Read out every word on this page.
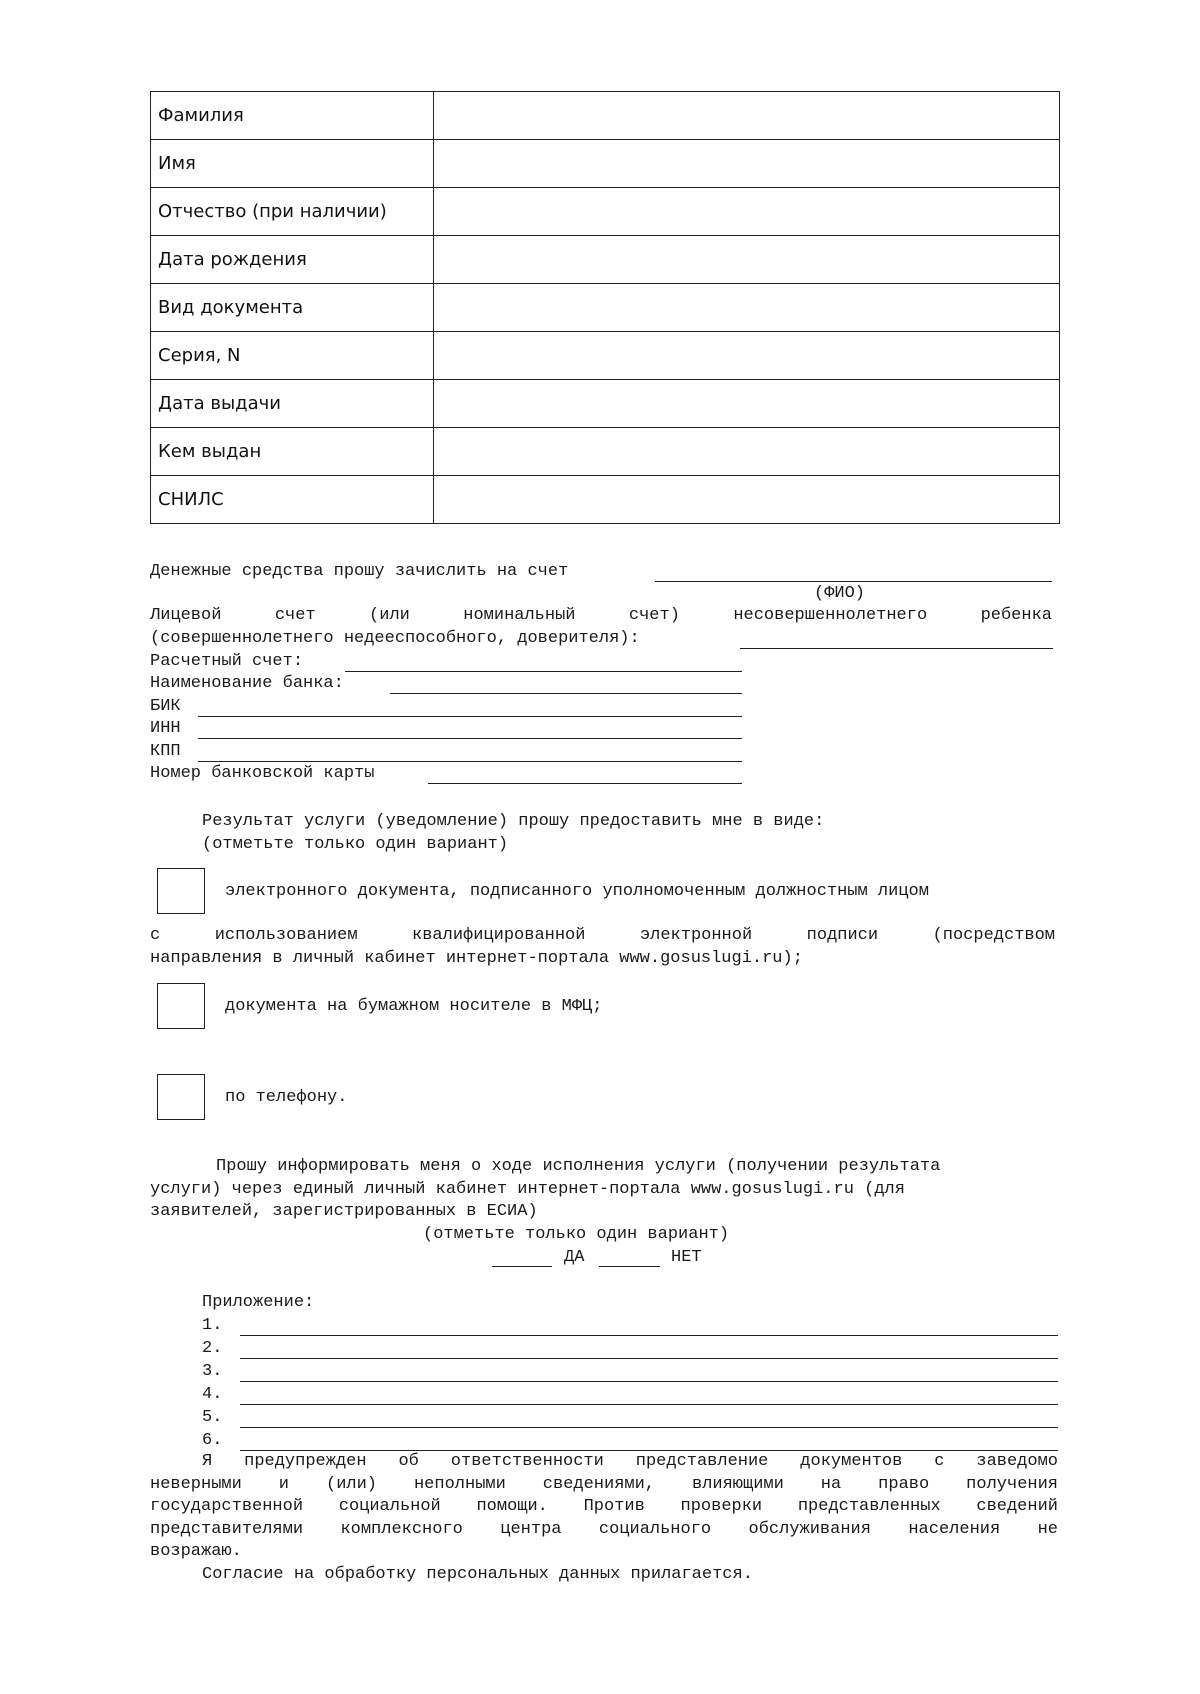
Фамилия	
Имя	
Отчество (при наличии)	
Дата рождения	
Вид документа	
Серия, N	
Дата выдачи	
Кем выдан	
СНИЛС	
Денежные средства прошу зачислить на счет
(ФИО)
Лицевой счет (или номинальный счет) несовершеннолетнего ребенка
(совершеннолетнего недееспособного, доверителя):
Расчетный счет:
Наименование банка:
БИК
ИНН
КПП
Номер банковской карты
Результат услуги (уведомление) прошу предоставить мне в виде:
(отметьте только один вариант)
электронного документа, подписанного уполномоченным должностным лицом
с использованием квалифицированной электронной подписи (посредством
направления в личный кабинет интернет-портала www.gosuslugi.ru);
документа на бумажном носителе в МФЦ;
по телефону.
Прошу информировать меня о ходе исполнения услуги (получении результата
услуги) через единый личный кабинет интернет-портала www.gosuslugi.ru (для
заявителей, зарегистрированных в ЕСИА)
(отметьте только один вариант)
ДА	НЕТ
Приложение:
1.
2.
3.
4.
5.
6.
Я предупрежден об ответственности представление документов с заведомо
неверными и (или) неполными сведениями, влияющими на право получения
государственной социальной помощи. Против проверки представленных сведений
представителями комплексного центра социального обслуживания населения не
возражаю.
Согласие на обработку персональных данных прилагается.
